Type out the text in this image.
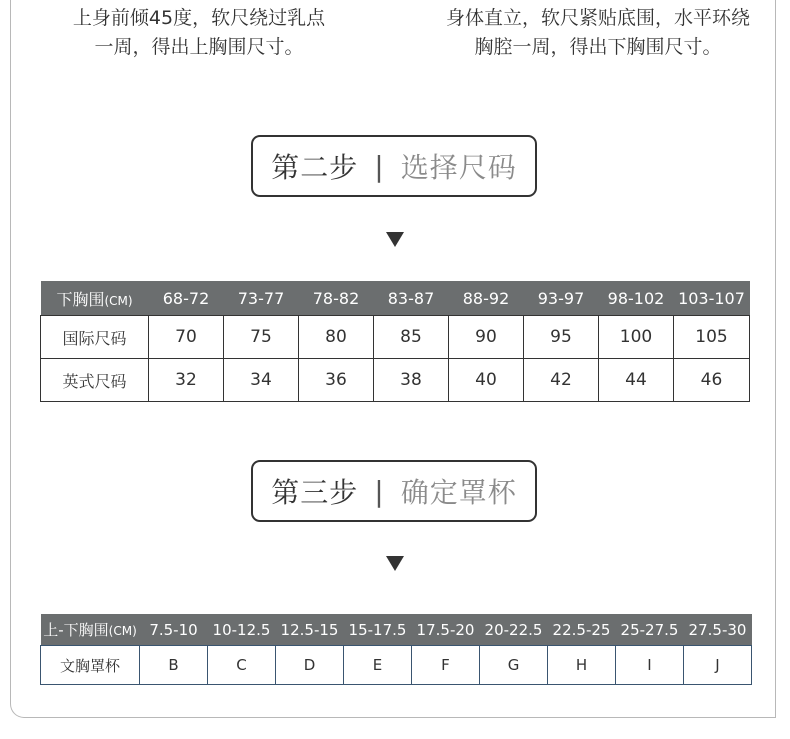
上身前倾45度，软尺绕过乳点
一周，得出上胸围尺寸。
身体直立，软尺紧贴底围，水平环绕
胸腔一周，得出下胸围尺寸。
第二步 | 选择尺码
下胸围(CM)	68-72	73-77	78-82	83-87	88-92	93-97	98-102	103-107
国际尺码	70	75	80	85	90	95	100	105
英式尺码	32	34	36	38	40	42	44	46
第三步 | 确定罩杯
上-下胸围(CM)	7.5-10	10-12.5	12.5-15	15-17.5	17.5-20	20-22.5	22.5-25	25-27.5	27.5-30
文胸罩杯	B	C	D	E	F	G	H	I	J
